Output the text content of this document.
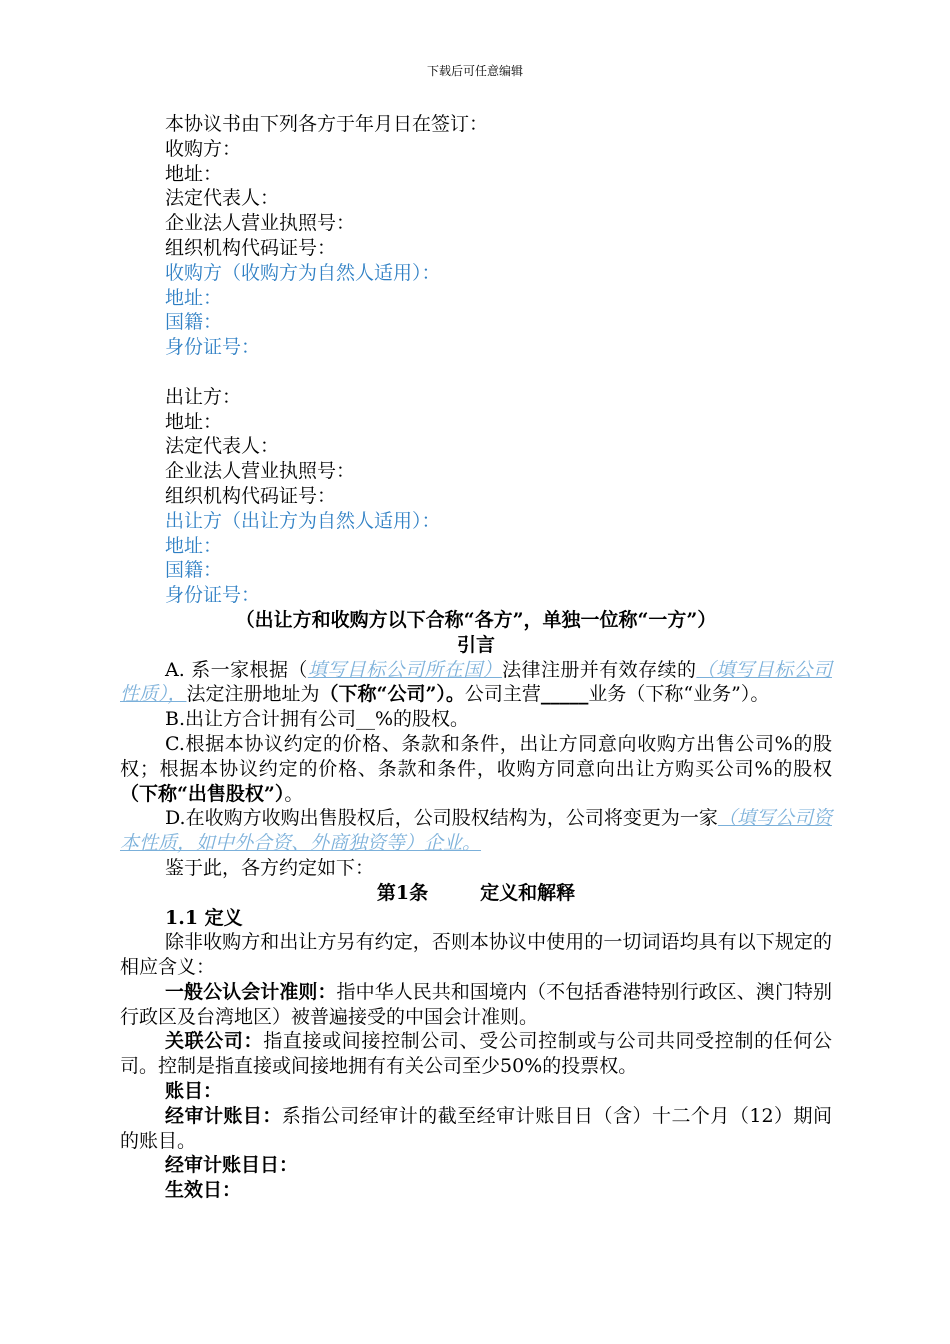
下载后可任意编辑

本协议书由下列各方于年月日在签订：

收购方：

地址：

法定代表人：

企业法人营业执照号：

组织机构代码证号：

收购方（收购方为自然人适用）：

地址：

国籍：

身份证号：

出让方：

地址：

法定代表人：

企业法人营业执照号：

组织机构代码证号：

出让方（出让方为自然人适用）：

地址：

国籍：

身份证号：

（出让方和收购方以下合称“各方”，单独一位称“一方”）

引言

A. 系一家根据（填写目标公司所在国）法律注册并有效存续的（填写目标公司性质），法定注册地址为（下称“公司”）。公司主营_____业务（下称“业务”）。

B.出让方合计拥有公司__%的股权。

C.根据本协议约定的价格、条款和条件，出让方同意向收购方出售公司%的股权；根据本协议约定的价格、条款和条件，收购方同意向出让方购买公司%的股权（下称“出售股权”）。

D.在收购方收购出售股权后，公司股权结构为，公司将变更为一家（填写公司资本性质，如中外合资、外商独资等）企业。

鉴于此，各方约定如下：

第1条	定义和解释

1.1 定义

除非收购方和出让方另有约定，否则本协议中使用的一切词语均具有以下规定的相应含义：

一般公认会计准则：指中华人民共和国境内（不包括香港特别行政区、澳门特别行政区及台湾地区）被普遍接受的中国会计准则。

关联公司：指直接或间接控制公司、受公司控制或与公司共同受控制的任何公司。控制是指直接或间接地拥有有关公司至少50%的投票权。

账目：

经审计账目：系指公司经审计的截至经审计账目日（含）十二个月（12）期间的账目。

经审计账目日：

生效日：
